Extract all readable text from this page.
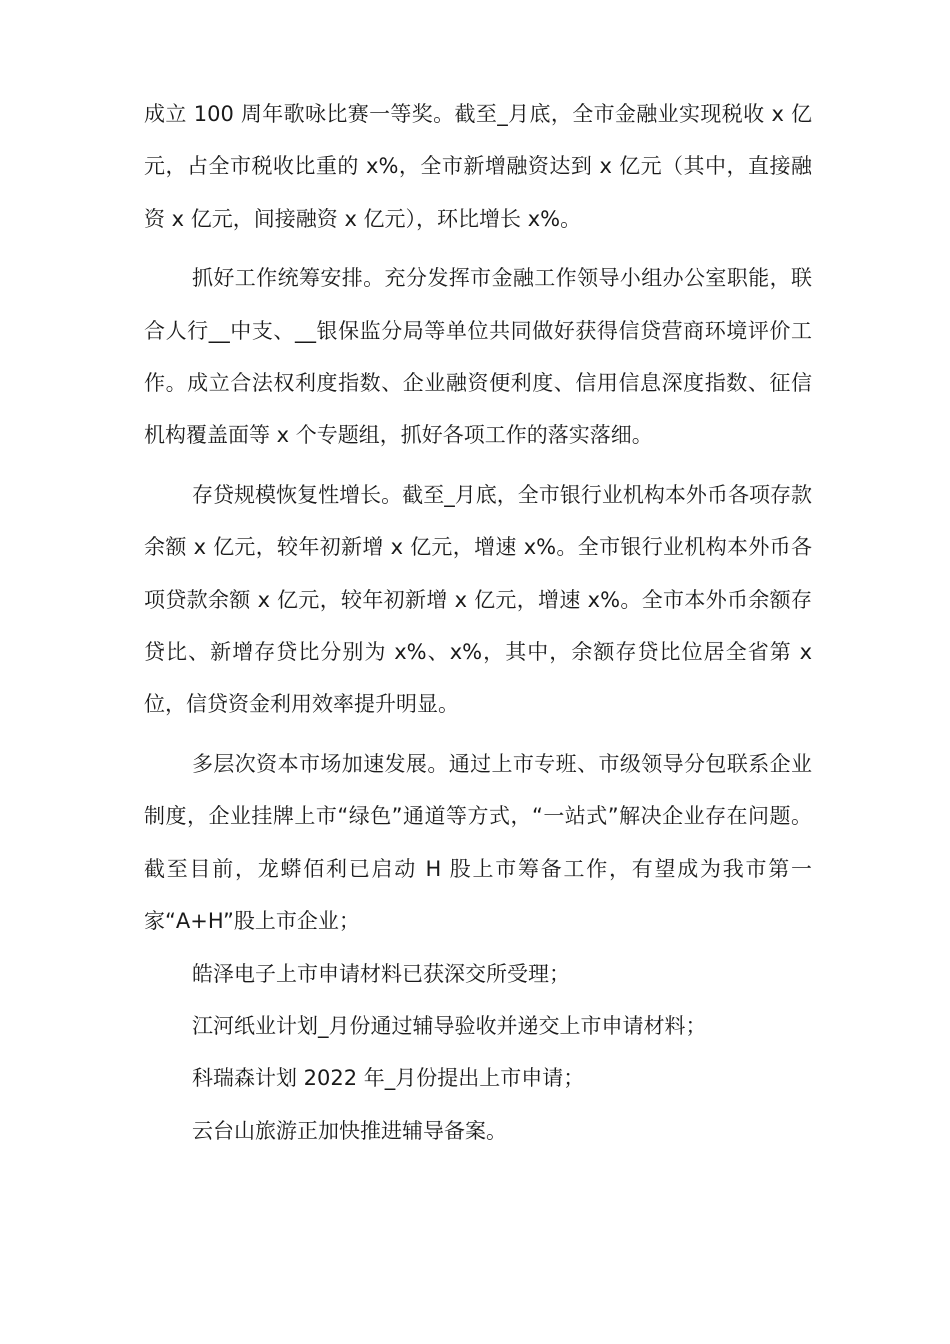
成立 100 周年歌咏比赛一等奖。截至_月底，全市金融业实现税收 x 亿元，占全市税收比重的 x%，全市新增融资达到 x 亿元（其中，直接融资 x 亿元，间接融资 x 亿元），环比增长 x%。

抓好工作统筹安排。充分发挥市金融工作领导小组办公室职能，联合人行__中支、__银保监分局等单位共同做好获得信贷营商环境评价工作。成立合法权利度指数、企业融资便利度、信用信息深度指数、征信机构覆盖面等 x 个专题组，抓好各项工作的落实落细。

存贷规模恢复性增长。截至_月底，全市银行业机构本外币各项存款余额 x 亿元，较年初新增 x 亿元，增速 x%。全市银行业机构本外币各项贷款余额 x 亿元，较年初新增 x 亿元，增速 x%。全市本外币余额存贷比、新增存贷比分别为 x%、x%，其中，余额存贷比位居全省第 x 位，信贷资金利用效率提升明显。

多层次资本市场加速发展。通过上市专班、市级领导分包联系企业制度，企业挂牌上市“绿色”通道等方式，“一站式”解决企业存在问题。截至目前，龙蟒佰利已启动 H 股上市筹备工作，有望成为我市第一家“A+H”股上市企业；

皓泽电子上市申请材料已获深交所受理；

江河纸业计划_月份通过辅导验收并递交上市申请材料；

科瑞森计划 2022 年_月份提出上市申请；

云台山旅游正加快推进辅导备案。
